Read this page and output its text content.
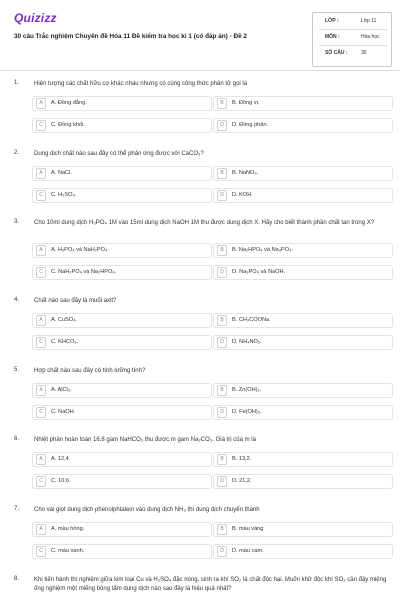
Quizizz
30 câu Trắc nghiệm Chuyên đề Hóa 11 Đề kiểm tra học kì 1 (có đáp án) - Đề 2
LỚP :	Lớp 11
MÔN :	Hóa học
SỐ CÂU :	30
1. Hiện tượng các chất hữu cơ khác nhau nhưng có cùng công thức phân tử gọi là
A	A. Đồng đẳng.	B	B. Đồng vị.
C	C. Đồng khối.	D	D. Đồng phân.
2. Dung dịch chất nào sau đây có thể phản ứng được với CaCO₃?
A	A. NaCl.	B	B. NaNO₃.
C	C. H₂SO₄.	D	D. KOH.
3. Cho 10ml dung dịch H₃PO₄ 1M vào 15ml dung dịch NaOH 1M thu được dung dịch X. Hãy cho biết thành phần chất tan trong X?
A	A. H₃PO₄ và NaH₂PO₄.	B	B. Na₂HPO₄ và Na₃PO₄.
C	C. NaH₂PO₄ và Na₂HPO₄.	D	D. Na₃PO₄ và NaOH.
4. Chất nào sau đây là muối axit?
A	A. CuSO₄.	B	B. CH₃COONa.
C	C. KHCO₃.	D	D. NH₄NO₃.
5. Hợp chất nào sau đây có tính lưỡng tính?
A	A. AlCl₃.	B	B. Zn(OH)₂.
C	C. NaOH.	D	D. Fe(OH)₃.
6. Nhiệt phân hoàn toàn 16,8 gam NaHCO₃ thu được m gam Na₂CO₃. Giá trị của m là
A	A. 12,4.	B	B. 13,2.
C	C. 10,6.	D	D. 21,2.
7. Cho vài giọt dung dịch phenolphtalein vào dung dịch NH₃ thì dung dịch chuyển thành
A	A. màu hồng.	B	B. màu vàng
C	C. màu xanh.	D	D. màu cam.
8. Khi tiến hành thí nghiệm giữa kim loại Cu và H₂SO₄ đặc nóng, sinh ra khí SO₂ là chất độc hại. Muốn khử độc khí SO₂ cần đậy miệng ống nghiệm một miếng bông tẩm dung dịch nào sau đây là hiệu quả nhất?
